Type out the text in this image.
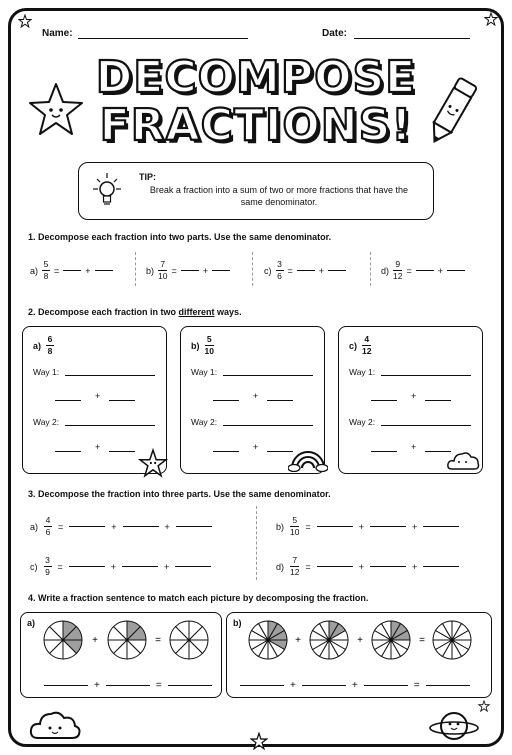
Name:	Date:
DECOMPOSE
FRACTIONS!
TIP:
Break a fraction into a sum of two or more fractions that have the same denominator.
1. Decompose each fraction into two parts. Use the same denominator.
$a) \frac{5}{8}$ =	+	$b) \frac{7}{10}$ =	+	$c) \frac{3}{6}$ =	+	$d) \frac{9}{12}$ =	+
2. Decompose each fraction in two different ways.
$a) \frac{6}{8}$
Way 1:
+
Way 2:
+
$b) \frac{5}{10}$
Way 1:
+
Way 2:
+
$c) \frac{4}{12}$
Way 1:
+
Way 2:
+
3. Decompose the fraction into three parts. Use the same denominator.
$a) \frac{4}{6}$ =	+	+	$b) \frac{5}{10}$ =	+	+
$c) \frac{3}{9}$ =	+	+	$d) \frac{7}{12}$ =	+	+
4. Write a fraction sentence to match each picture by decomposing the fraction.
a)	b)
+	=	+	+	=
+	=	+	+	=
